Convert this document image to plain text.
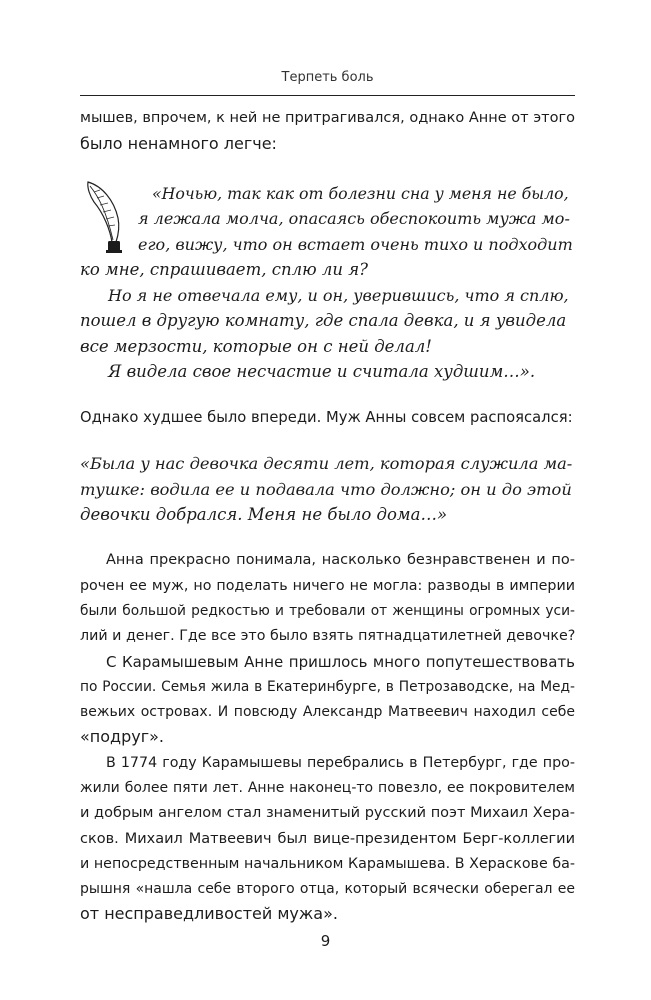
Терпеть боль
мышев, впрочем, к ней не притрагивался, однако Анне от этого
было ненамного легче:
«Ночью, так как от болезни сна у меня не было,
я лежала молча, опасаясь обеспокоить мужа мо-
его, вижу, что он встает очень тихо и подходит
ко мне, спрашивает, сплю ли я?
Но я не отвечала ему, и он, уверившись, что я сплю,
пошел в другую комнату, где спала девка, и я увидела
все мерзости, которые он с ней делал!
Я видела свое несчастие и считала худшим…».
Однако худшее было впереди. Муж Анны совсем распоясался:
«Была у нас девочка десяти лет, которая служила ма-
тушке: водила ее и подавала что должно; он и до этой
девочки добрался. Меня не было дома…»
Анна прекрасно понимала, насколько безнравственен и по-
рочен ее муж, но поделать ничего не могла: разводы в империи
были большой редкостью и требовали от женщины огромных уси-
лий и денег. Где все это было взять пятнадцатилетней девочке?
С Карамышевым Анне пришлось много попутешествовать
по России. Семья жила в Екатеринбурге, в Петрозаводске, на Мед-
вежьих островах. И повсюду Александр Матвеевич находил себе
«подруг».
В 1774 году Карамышевы перебрались в Петербург, где про-
жили более пяти лет. Анне наконец-то повезло, ее покровителем
и добрым ангелом стал знаменитый русский поэт Михаил Хера-
сков. Михаил Матвеевич был вице-президентом Берг-коллегии
и непосредственным начальником Карамышева. В Хераскове ба-
рышня «нашла себе второго отца, который всячески оберегал ее
от несправедливостей мужа».
9
